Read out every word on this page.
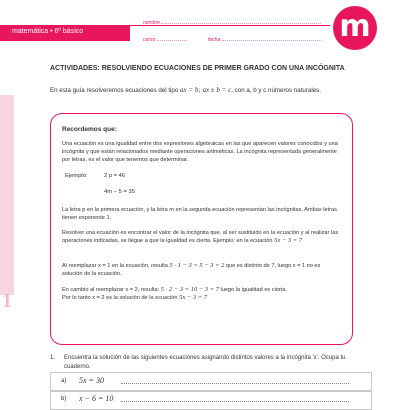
matemática • 6º básico
nombre
curso	fecha	m
1
ACTIVIDADES: RESOLVIENDO ECUACIONES DE PRIMER GRADO CON UNA INCÓGNITA
En esta guía resolveremos ecuaciones del tipo ax = b; ax ± b = c, con a, b y c números naturales.
Recordemos que:
Una ecuación es una igualdad entre dos expresiones algebraicas en las que aparecen valores conocidos y una incógnita y que están relacionados mediante operaciones aritméticas. La incógnita representada generalmente por letras, es el valor que tenemos que determinar.
Ejemplo:	2 p = 46
4m − 5 = 35
La letra p en la primera ecuación, y la letra m en la segunda ecuación representan las incógnitas. Ambas letras tienen exponente 1.
Resolver una ecuación es encontrar el valor de la incógnita que, al ser sustituido en la ecuación y al realizar las operaciones indicadas, se llegue a que la igualdad es cierta. Ejemplo: en la ecuación 5x − 3 = 7
Al reemplazar x = 1 en la ecuación, resulta 5 · 1 − 3 = 5 − 3 = 2 que es distinto de 7, luego x = 1 no es solución de la ecuación.
En cambio al reemplazar x = 2, resulta: 5 · 2 − 3 = 10 − 3 = 7 luego la igualdad es cierta.
Por lo tanto x = 2 es la solución de la ecuación 5x − 3 = 7
1. Encuentra la solución de las siguientes ecuaciones asignando distintos valores a la incógnita 'x'. Ocupa tu cuaderno.
a) 5x = 30
b) x − 6 = 10
